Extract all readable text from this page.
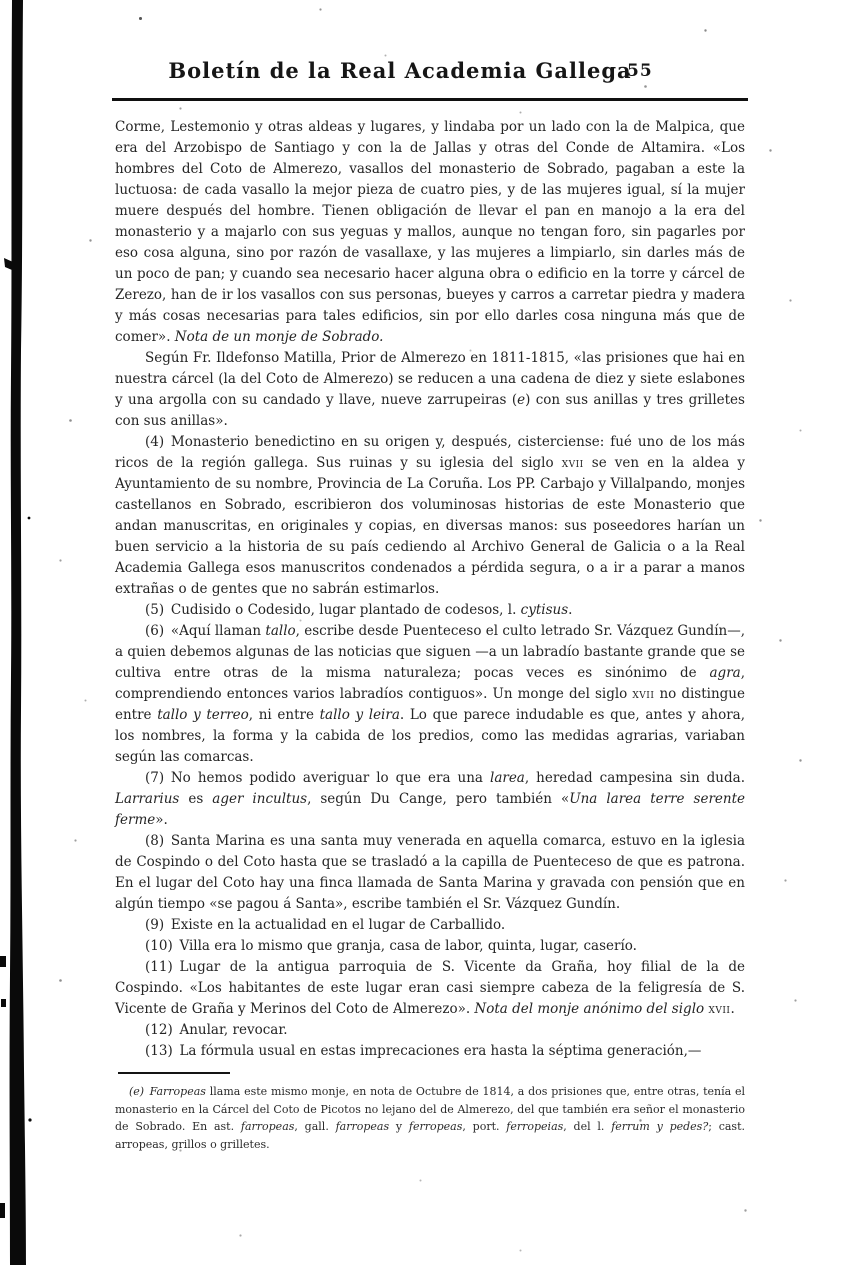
Boletín de la Real Academia Gallega
55

Corme, Lestemonio y otras aldeas y lugares, y lindaba por un lado con la de Malpica, que era del Arzobispo de Santiago y con la de Jallas y otras del Conde de Altamira. «Los hombres del Coto de Almerezo, vasallos del monasterio de Sobrado, pagaban a este la luctuosa: de cada vasallo la mejor pieza de cuatro pies, y de las mujeres igual, sí la mujer muere después del hombre. Tienen obligación de llevar el pan en manojo a la era del monasterio y a majarlo con sus yeguas y mallos, aunque no tengan foro, sin pagarles por eso cosa alguna, sino por razón de vasallaxe, y las mujeres a limpiarlo, sin darles más de un poco de pan; y cuando sea necesario hacer alguna obra o edificio en la torre y cárcel de Zerezo, han de ir los vasallos con sus personas, bueyes y carros a carretar piedra y madera y más cosas necesarias para tales edificios, sin por ello darles cosa ninguna más que de comer». Nota de un monje de Sobrado.

Según Fr. Ildefonso Matilla, Prior de Almerezo en 1811-1815, «las prisiones que hai en nuestra cárcel (la del Coto de Almerezo) se reducen a una cadena de diez y siete eslabones y una argolla con su candado y llave, nueve zarrupeiras (e) con sus anillas y tres grilletes con sus anillas».

(4) Monasterio benedictino en su origen y, después, cisterciense: fué uno de los más ricos de la región gallega. Sus ruinas y su iglesia del siglo xvii se ven en la aldea y Ayuntamiento de su nombre, Provincia de La Coruña. Los PP. Carbajo y Villalpando, monjes castellanos en Sobrado, escribieron dos voluminosas historias de este Monasterio que andan manuscritas, en originales y copias, en diversas manos: sus poseedores harían un buen servicio a la historia de su país cediendo al Archivo General de Galicia o a la Real Academia Gallega esos manuscritos condenados a pérdida segura, o a ir a parar a manos extrañas o de gentes que no sabrán estimarlos.

(5) Cudisido o Codesido, lugar plantado de codesos, l. cytisus.

(6) «Aquí llaman tallo, escribe desde Puenteceso el culto letrado Sr. Vázquez Gundín—, a quien debemos algunas de las noticias que siguen —a un labradío bastante grande que se cultiva entre otras de la misma naturaleza; pocas veces es sinónimo de agra, comprendiendo entonces varios labradíos contiguos». Un monge del siglo xvii no distingue entre tallo y terreo, ni entre tallo y leira. Lo que parece indudable es que, antes y ahora, los nombres, la forma y la cabida de los predios, como las medidas agrarias, variaban según las comarcas.

(7) No hemos podido averiguar lo que era una larea, heredad campesina sin duda. Larrarius es ager incultus, según Du Cange, pero también «Una larea terre serente ferme».

(8) Santa Marina es una santa muy venerada en aquella comarca, estuvo en la iglesia de Cospindo o del Coto hasta que se trasladó a la capilla de Puenteceso de que es patrona. En el lugar del Coto hay una finca llamada de Santa Marina y gravada con pensión que en algún tiempo «se pagou á Santa», escribe también el Sr. Vázquez Gundín.

(9) Existe en la actualidad en el lugar de Carballido.

(10) Villa era lo mismo que granja, casa de labor, quinta, lugar, caserío.

(11) Lugar de la antigua parroquia de S. Vicente da Graña, hoy filial de la de Cospindo. «Los habitantes de este lugar eran casi siempre cabeza de la feligresía de S. Vicente de Graña y Merinos del Coto de Almerezo». Nota del monje anónimo del siglo xvii.

(12) Anular, revocar.

(13) La fórmula usual en estas imprecaciones era hasta la séptima generación,—

(e) Farropeas llama este mismo monje, en nota de Octubre de 1814, a dos prisiones que, entre otras, tenía el monasterio en la Cárcel del Coto de Picotos no lejano del de Almerezo, del que también era señor el monasterio de Sobrado. En ast. farropeas, gall. farropeas y ferropeas, port. ferropeias, del l. ferrum y pedes?; cast. arropeas, grillos o grilletes.
